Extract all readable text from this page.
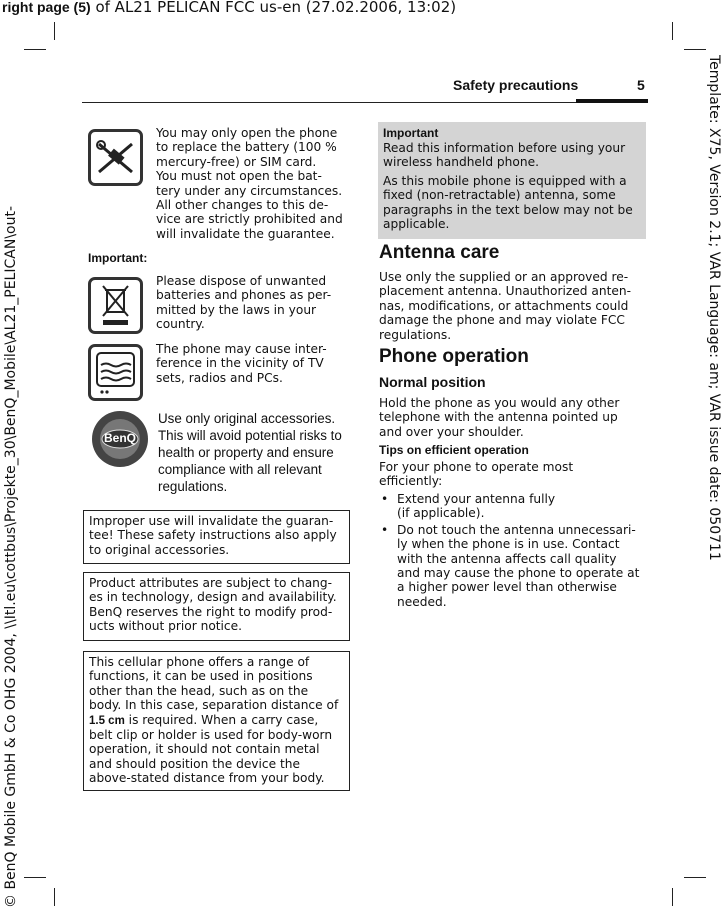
right page (5) of AL21 PELICAN FCC us-en (27.02.2006, 13:02)
Template: X75, Version 2.1; VAR Language: am; VAR issue date: 050711
© BenQ Mobile GmbH & Co OHG 2004, \\Itl.eu\cottbus\Projekte_30\BenQ_Mobile\AL21_PELICAN\out-
Safety precautions	5
You may only open the phone
to replace the battery (100 %
mercury-free) or SIM card.
You must not open the bat-
tery under any circumstances.
All other changes to this de-
vice are strictly prohibited and
will invalidate the guarantee.
Important:
Please dispose of unwanted
batteries and phones as per-
mitted by the laws in your
country.
The phone may cause inter-
ference in the vicinity of TV
sets, radios and PCs.
BenQ
Use only original accessories.
This will avoid potential risks to
health or property and ensure
compliance with all relevant
regulations.
Improper use will invalidate the guaran-
tee! These safety instructions also apply
to original accessories.
Product attributes are subject to chang-
es in technology, design and availability.
BenQ reserves the right to modify prod-
ucts without prior notice.
This cellular phone offers a range of
functions, it can be used in positions
other than the head, such as on the
body. In this case, separation distance of
1.5 cm is required. When a carry case,
belt clip or holder is used for body-worn
operation, it should not contain metal
and should position the device the
above-stated distance from your body.
Important
Read this information before using your
wireless handheld phone.
As this mobile phone is equipped with a
fixed (non-retractable) antenna, some
paragraphs in the text below may not be
applicable.
Antenna care
Use only the supplied or an approved re-
placement antenna. Unauthorized anten-
nas, modifications, or attachments could
damage the phone and may violate FCC
regulations.
Phone operation
Normal position
Hold the phone as you would any other
telephone with the antenna pointed up
and over your shoulder.
Tips on efficient operation
For your phone to operate most
efficiently:
• Extend your antenna fully
(if applicable).
• Do not touch the antenna unnecessari-
ly when the phone is in use. Contact
with the antenna affects call quality
and may cause the phone to operate at
a higher power level than otherwise
needed.
